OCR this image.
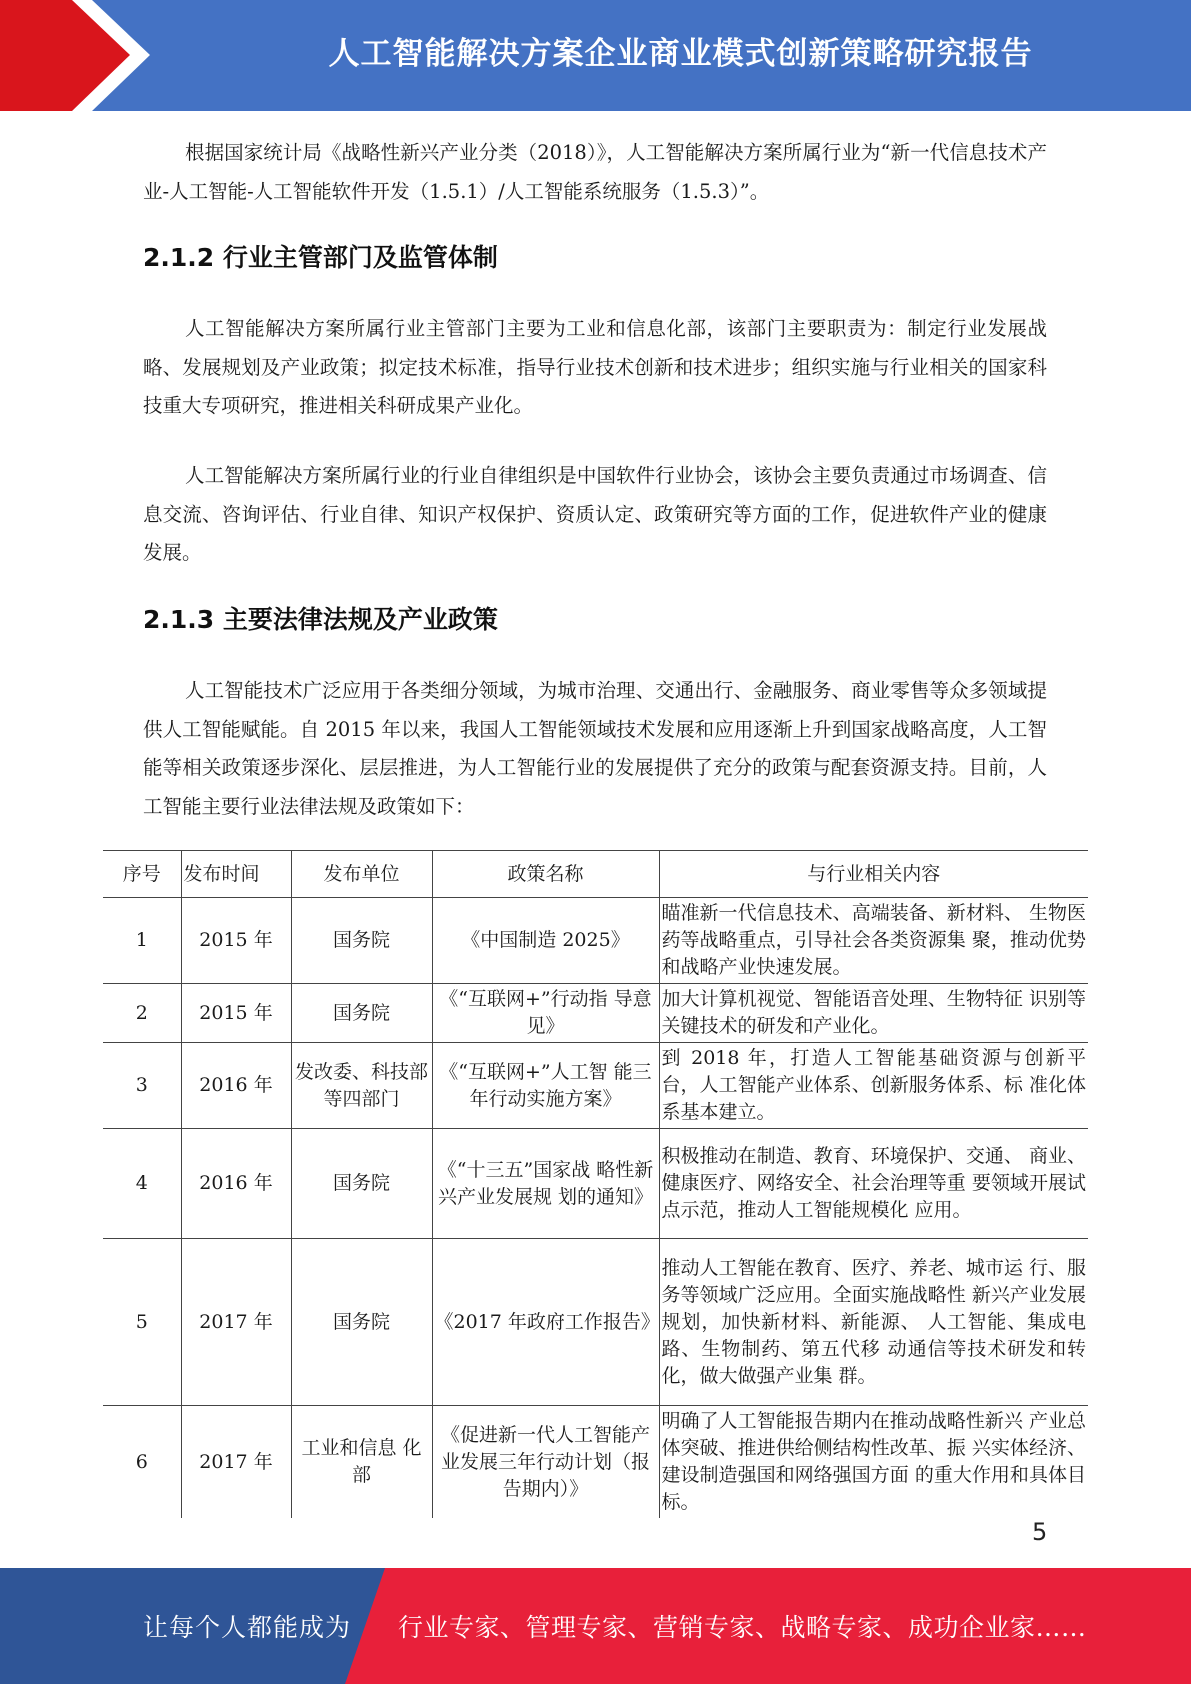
人工智能解决方案企业商业模式创新策略研究报告

根据国家统计局《战略性新兴产业分类（2018）》，人工智能解决方案所属行业为“新一代信息技术产业-人工智能-人工智能软件开发（1.5.1）/人工智能系统服务（1.5.3）”。

2.1.2 行业主管部门及监管体制

人工智能解决方案所属行业主管部门主要为工业和信息化部，该部门主要职责为：制定行业发展战略、发展规划及产业政策；拟定技术标准，指导行业技术创新和技术进步；组织实施与行业相关的国家科技重大专项研究，推进相关科研成果产业化。

人工智能解决方案所属行业的行业自律组织是中国软件行业协会，该协会主要负责通过市场调查、信息交流、咨询评估、行业自律、知识产权保护、资质认定、政策研究等方面的工作，促进软件产业的健康发展。

2.1.3 主要法律法规及产业政策

人工智能技术广泛应用于各类细分领域，为城市治理、交通出行、金融服务、商业零售等众多领域提供人工智能赋能。自 2015 年以来，我国人工智能领域技术发展和应用逐渐上升到国家战略高度，人工智能等相关政策逐步深化、层层推进，为人工智能行业的发展提供了充分的政策与配套资源支持。目前，人工智能主要行业法律法规及政策如下：

序号	发布时间	发布单位	政策名称	与行业相关内容
1	2015 年	国务院	《中国制造 2025》	瞄准新一代信息技术、高端装备、新材料、 生物医药等战略重点，引导社会各类资源集 聚，推动优势和战略产业快速发展。
2	2015 年	国务院	《“互联网+”行动指 导意见》	加大计算机视觉、智能语音处理、生物特征 识别等关键技术的研发和产业化。
3	2016 年	发改委、科技部等四部门	《“互联网+”人工智 能三年行动实施方案》	到 2018 年，打造人工智能基础资源与创新平 台，人工智能产业体系、创新服务体系、标 准化体系基本建立。
4	2016 年	国务院	《“十三五”国家战 略性新兴产业发展规 划的通知》	积极推动在制造、教育、环境保护、交通、 商业、健康医疗、网络安全、社会治理等重 要领域开展试点示范，推动人工智能规模化 应用。
5	2017 年	国务院	《2017 年政府工作报告》	推动人工智能在教育、医疗、养老、城市运 行、服务等领域广泛应用。全面实施战略性 新兴产业发展规划，加快新材料、新能源、 人工智能、集成电路、生物制药、第五代移 动通信等技术研发和转化，做大做强产业集 群。
6	2017 年	工业和信息 化部	《促进新一代人工智能产业发展三年行动计划（报告期内）》	明确了人工智能报告期内在推动战略性新兴 产业总体突破、推进供给侧结构性改革、振 兴实体经济、建设制造强国和网络强国方面 的重大作用和具体目标。
5
让每个人都能成为 行业专家、管理专家、营销专家、战略专家、成功企业家……
